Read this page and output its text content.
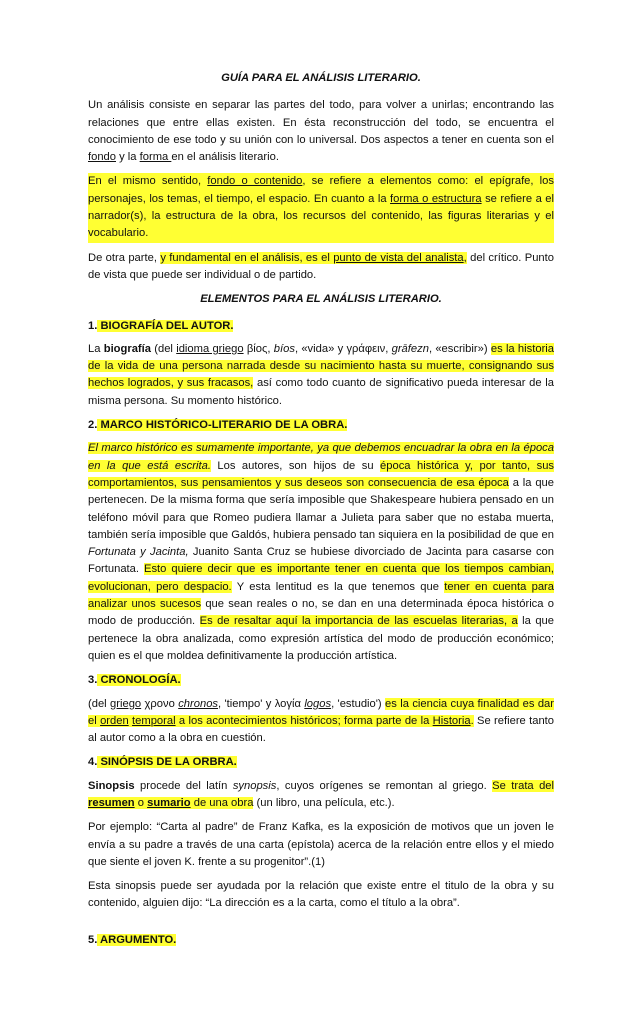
GUÍA PARA EL ANÁLISIS LITERARIO.

Un análisis consiste en separar las partes del todo, para volver a unirlas; encontrando las relaciones que entre ellas existen. En ésta reconstrucción del todo, se encuentra el conocimiento de ese todo y su unión con lo universal. Dos aspectos a tener en cuenta son el fondo y la forma en el análisis literario.

En el mismo sentido, fondo o contenido, se refiere a elementos como: el epígrafe, los personajes, los temas, el tiempo, el espacio. En cuanto a la forma o estructura se refiere a el narrador(s), la estructura de la obra, los recursos del contenido, las figuras literarias y el vocabulario.

De otra parte, y fundamental en el análisis, es el punto de vista del analista, del crítico. Punto de vista que puede ser individual o de partido.

ELEMENTOS PARA EL ANÁLISIS LITERARIO.
1. BIOGRAFÍA DEL AUTOR.

La biografía (del idioma griego βίος, bíos, «vida» y γράφειν, grāfezn, «escribir») es la historia de la vida de una persona narrada desde su nacimiento hasta su muerte, consignando sus hechos logrados, y sus fracasos, así como todo cuanto de significativo pueda interesar de la misma persona. Su momento histórico.

2. MARCO HISTÓRICO-LITERARIO DE LA OBRA.

El marco histórico es sumamente importante, ya que debemos encuadrar la obra en la época en la que está escrita. Los autores, son hijos de su época histórica y, por tanto, sus comportamientos, sus pensamientos y sus deseos son consecuencia de esa época a la que pertenecen. De la misma forma que sería imposible que Shakespeare hubiera pensado en un teléfono móvil para que Romeo pudiera llamar a Julieta para saber que no estaba muerta, también sería imposible que Galdós, hubiera pensado tan siquiera en la posibilidad de que en Fortunata y Jacinta, Juanito Santa Cruz se hubiese divorciado de Jacinta para casarse con Fortunata. Esto quiere decir que es importante tener en cuenta que los tiempos cambian, evolucionan, pero despacio. Y esta lentitud es la que tenemos que tener en cuenta para analizar unos sucesos que sean reales o no, se dan en una determinada época histórica o modo de producción. Es de resaltar aquí la importancia de las escuelas literarias, a la que pertenece la obra analizada, como expresión artística del modo de producción económico; quien es el que moldea definitivamente la producción artística.

3. CRONOLOGÍA.

(del griego χρονο chronos, 'tiempo' y λογία logos, 'estudio') es la ciencia cuya finalidad es dar el orden temporal a los acontecimientos históricos; forma parte de la Historia. Se refiere tanto al autor como a la obra en cuestión.

4. SINÓPSIS DE LA ORBRA.

Sinopsis procede del latín synopsis, cuyos orígenes se remontan al griego. Se trata del resumen o sumario de una obra (un libro, una película, etc.).

Por ejemplo: “Carta al padre” de Franz Kafka, es la exposición de motivos que un joven le envía a su padre a través de una carta (epístola) acerca de la relación entre ellos y el miedo que siente el joven K. frente a su progenitor”.(1)

Esta sinopsis puede ser ayudada por la relación que existe entre el titulo de la obra y su contenido, alguien dijo: “La dirección es a la carta, como el título a la obra”.

5. ARGUMENTO.
